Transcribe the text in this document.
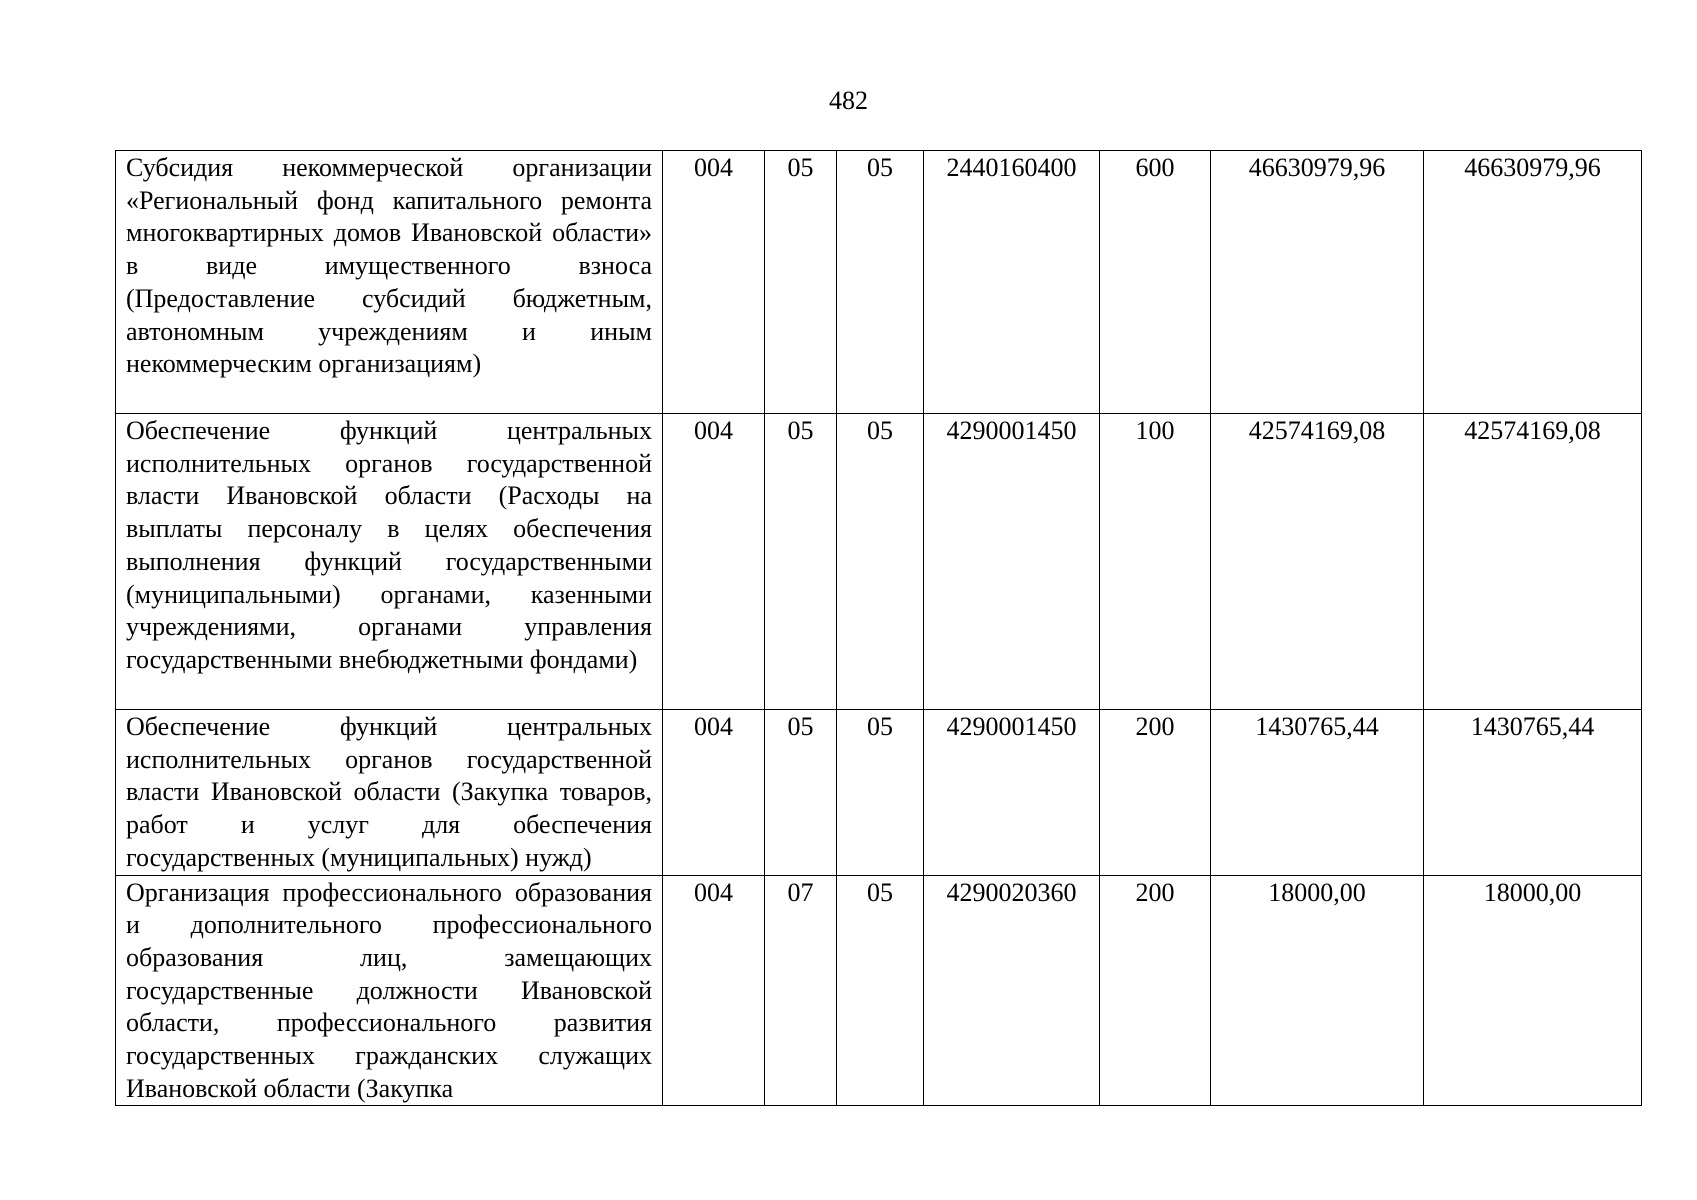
482
Субсидия некоммерческой организации «Региональный фонд капитального ремонта многоквартирных домов Ивановской области» в виде имущественного взноса (Предоставление субсидий бюджетным, автономным учреждениям и иным некоммерческим организациям)	004	05	05	2440160400	600	46630979,96	46630979,96
Обеспечение функций центральных исполнительных органов государственной власти Ивановской области (Расходы на выплаты персоналу в целях обеспечения выполнения функций государственными (муниципальными) органами, казенными учреждениями, органами управления государственными внебюджетными фондами)	004	05	05	4290001450	100	42574169,08	42574169,08
Обеспечение функций центральных исполнительных органов государственной власти Ивановской области (Закупка товаров, работ и услуг для обеспечения государственных (муниципальных) нужд)	004	05	05	4290001450	200	1430765,44	1430765,44
Организация профессионального образования и дополнительного профессионального образования лиц, замещающих государственные должности Ивановской области, профессионального развития государственных гражданских служащих Ивановской области (Закупка	004	07	05	4290020360	200	18000,00	18000,00
